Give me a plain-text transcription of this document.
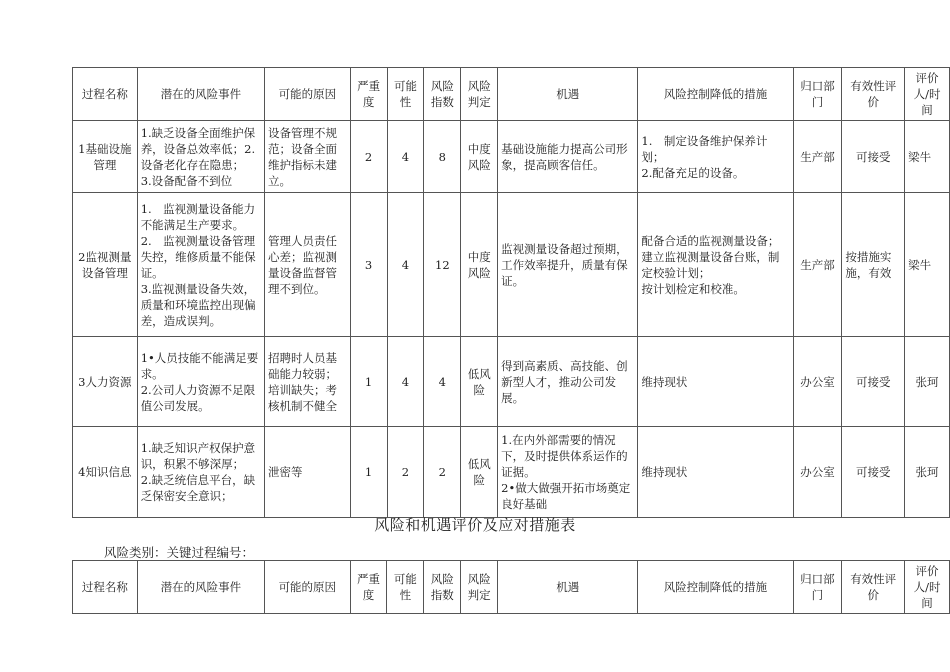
过程名称	潜在的风险事件	可能的原因	严重度	可能性	风险指数	风险判定	机遇	风险控制降低的措施	归口部门	有效性评价	评价人/时间
1基础设施管理	1.缺乏设备全面维护保养，设备总效率低；2.设备老化存在隐患；
3.设备配备不到位	设备管理不规范；设备全面维护指标未建立。	2	4	8	中度风险	基础设施能力提高公司形象，提高顾客信任。	1.　制定设备维护保养计划；
2.配备充足的设备。	生产部	可接受	梁牛
2监视测量设备管理	1.　监视测量设备能力不能满足生产要求。
2.　监视测量设备管理失控，维修质量不能保证。
3.监视测量设备失效，质量和环境监控出现偏差，造成误判。	管理人员责任心差；监视测量设备监督管理不到位。	3	4	12	中度风险	监视测量设备超过预期，工作效率提升，质量有保证。	配备合适的监视测量设备；建立监视测量设备台账，制定校验计划；
按计划检定和校准。	生产部	按措施实施，有效	梁牛
3人力资源	1•人员技能不能满足要求。
2.公司人力资源不足限值公司发展。	招聘时人员基础能力较弱；培训缺失；考核机制不健全	1	4	4	低风险	得到高素质、高技能、创新型人才，推动公司发展。	维持现状	办公室	可接受	张珂
4知识信息	1.缺乏知识产权保护意识，积累不够深厚；
2.缺乏统信息平台，缺乏保密安全意识；	泄密等	1	2	2	低风险	1.在内外部需要的情况下，及时提供体系运作的证据。
2•做大做强开拓市场奠定良好基础	维持现状	办公室	可接受	张珂
风险和机遇评价及应对措施表
风险类别：关键过程编号：
过程名称	潜在的风险事件	可能的原因	严重度	可能性	风险指数	风险判定	机遇	风险控制降低的措施	归口部门	有效性评价	评价人/时间
